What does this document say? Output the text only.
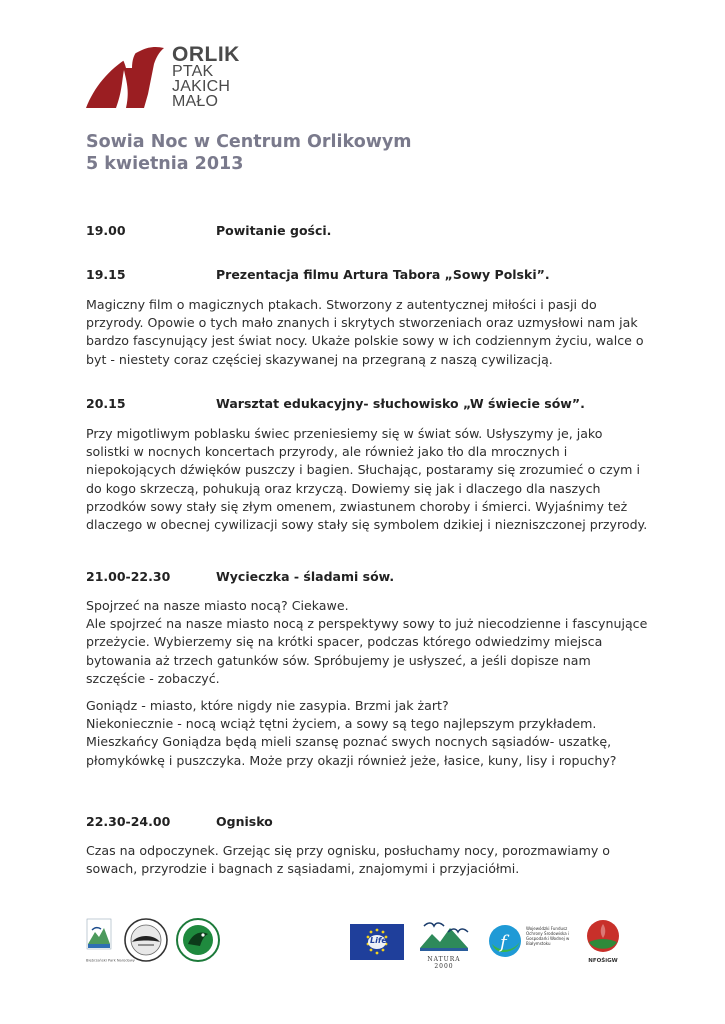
ORLIK
PTAK
JAKICH
MAŁO
Sowia Noc w Centrum Orlikowym
5 kwietnia 2013
19.00	Powitanie gości.
19.15	Prezentacja filmu Artura Tabora „Sowy Polski”.
Magiczny film o magicznych ptakach. Stworzony z autentycznej miłości i pasji do
przyrody. Opowie o tych mało znanych i skrytych stworzeniach oraz uzmysłowi nam jak
bardzo fascynujący jest świat nocy. Ukaże polskie sowy w ich codziennym życiu, walce o
byt - niestety coraz częściej skazywanej na przegraną z naszą cywilizacją.
20.15	Warsztat edukacyjny- słuchowisko „W świecie sów”.
Przy migotliwym poblasku świec przeniesiemy się w świat sów. Usłyszymy je, jako
solistki w nocnych koncertach przyrody, ale również jako tło dla mrocznych i
niepokojących dźwięków puszczy i bagien. Słuchając, postaramy się zrozumieć o czym i
do kogo skrzeczą, pohukują oraz krzyczą. Dowiemy się jak i dlaczego dla naszych
przodków sowy stały się złym omenem, zwiastunem choroby i śmierci. Wyjaśnimy też
dlaczego w obecnej cywilizacji sowy stały się symbolem dzikiej i niezniszczonej przyrody.
21.00-22.30	Wycieczka - śladami sów.
Spojrzeć na nasze miasto nocą? Ciekawe.
Ale spojrzeć na nasze miasto nocą z perspektywy sowy to już niecodzienne i fascynujące
przeżycie. Wybierzemy się na krótki spacer, podczas którego odwiedzimy miejsca
bytowania aż trzech gatunków sów. Spróbujemy je usłyszeć, a jeśli dopisze nam
szczęście - zobaczyć.
Goniądz - miasto, które nigdy nie zasypia. Brzmi jak żart?
Niekoniecznie - nocą wciąż tętni życiem, a sowy są tego najlepszym przykładem.
Mieszkańcy Goniądza będą mieli szansę poznać swych nocnych sąsiadów- uszatkę,
płomykówkę i puszczyka. Może przy okazji również jeże, łasice, kuny, lisy i ropuchy?
22.30-24.00	Ognisko
Czas na odpoczynek. Grzejąc się przy ognisku, posłuchamy nocy, porozmawiamy o
sowach, przyrodzie i bagnach z sąsiadami, znajomymi i przyjaciółmi.
Biebrzański Park Narodowy
Life
NATURA 2000
f
Wojewódzki Fundusz Ochrony Środowiska i Gospodarki Wodnej w Białymstoku
NFOŚiGW
